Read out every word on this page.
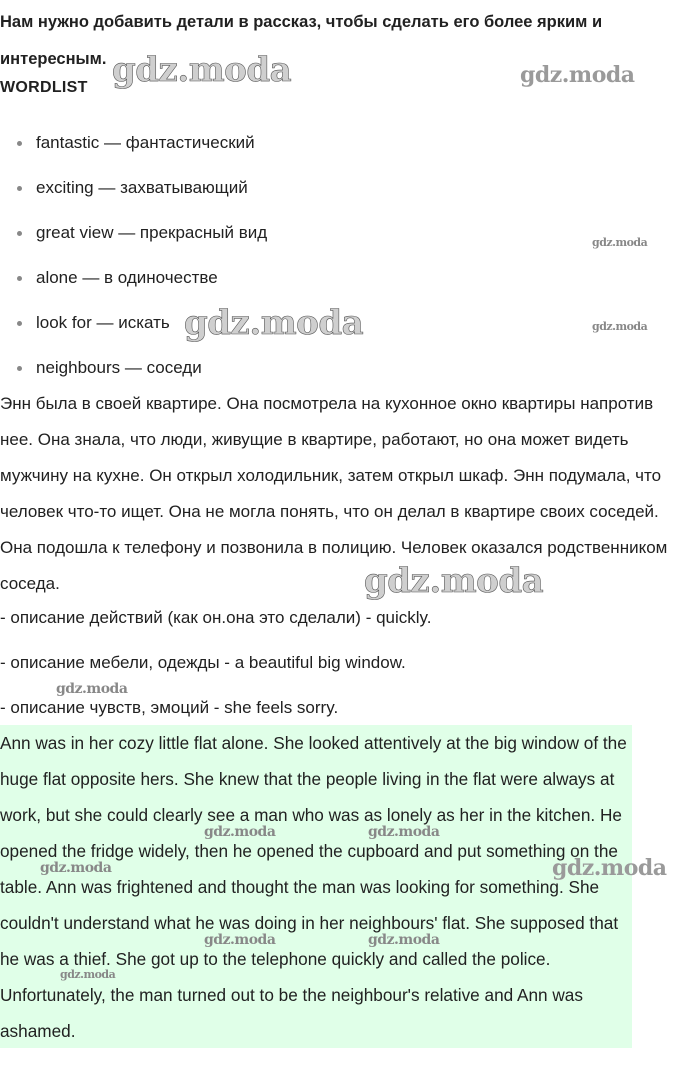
Нам нужно добавить детали в рассказ, чтобы сделать его более ярким и интересным.

WORDLIST
fantastic — фантастический
exciting — захватывающий
great view — прекрасный вид
alone — в одиночестве
look for — искать
neighbours — соседи

Энн была в своей квартире. Она посмотрела на кухонное окно квартиры напротив нее. Она знала, что люди, живущие в квартире, работают, но она может видеть мужчину на кухне. Он открыл холодильник, затем открыл шкаф. Энн подумала, что человек что-то ищет. Она не могла понять, что он делал в квартире своих соседей. Она подошла к телефону и позвонила в полицию. Человек оказался родственником соседа.

- описание действий (как он.она это сделали) - quickly.

- описание мебели, одежды - a beautiful big window.

- описание чувств, эмоций - she feels sorry.

Ann was in her cozy little flat alone. She looked attentively at the big window of the huge flat opposite hers. She knew that the people living in the flat were always at work, but she could clearly see a man who was as lonely as her in the kitchen. He opened the fridge widely, then he opened the cupboard and put something on the table. Ann was frightened and thought the man was looking for something. She couldn't understand what he was doing in her neighbours' flat. She supposed that he was a thief. She got up to the telephone quickly and called the police. Unfortunately, the man turned out to be the neighbour's relative and Ann was ashamed.

gdz.moda	gdz.moda
gdz.moda
gdz.moda	gdz.moda
gdz.moda
gdz.moda
gdz.moda	gdz.moda
gdz.moda
gdz.moda
gdz.moda	gdz.moda
gdz.moda
